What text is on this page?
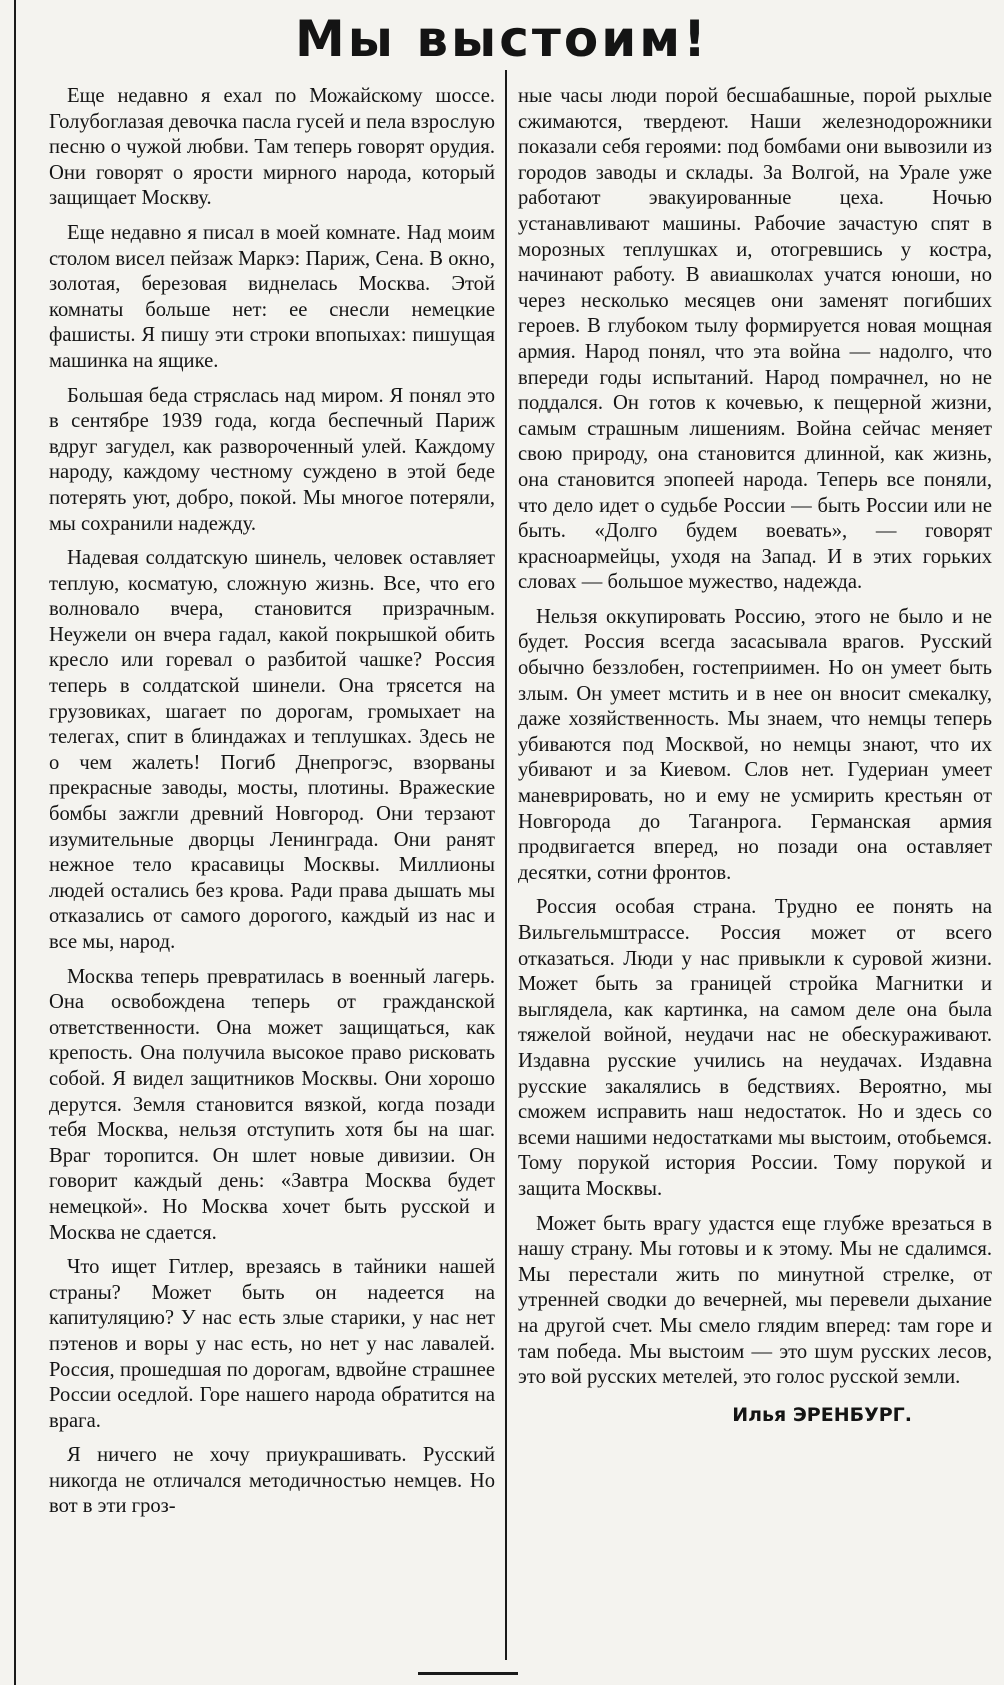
Мы выстоим!

Еще недавно я ехал по Можайскому шоссе. Голубоглазая девочка пасла гусей и пела взрослую песню о чужой любви. Там теперь говорят орудия. Они говорят о ярости мирного народа, который защищает Москву.

Еще недавно я писал в моей комнате. Над моим столом висел пейзаж Маркэ: Париж, Сена. В окно, золотая, березовая виднелась Москва. Этой комнаты больше нет: ее снесли немецкие фашисты. Я пишу эти строки впопыхах: пишущая машинка на ящике.

Большая беда стряслась над миром. Я понял это в сентябре 1939 года, когда беспечный Париж вдруг загудел, как развороченный улей. Каждому народу, каждому честному суждено в этой беде потерять уют, добро, покой. Мы многое потеряли, мы сохранили надежду.

Надевая солдатскую шинель, человек оставляет теплую, косматую, сложную жизнь. Все, что его волновало вчера, становится призрачным. Неужели он вчера гадал, какой покрышкой обить кресло или горевал о разбитой чашке? Россия теперь в солдатской шинели. Она трясется на грузовиках, шагает по дорогам, громыхает на телегах, спит в блиндажах и теплушках. Здесь не о чем жалеть! Погиб Днепрогэс, взорваны прекрасные заводы, мосты, плотины. Вражеские бомбы зажгли древний Новгород. Они терзают изумительные дворцы Ленинграда. Они ранят нежное тело красавицы Москвы. Миллионы людей остались без крова. Ради права дышать мы отказались от самого дорогого, каждый из нас и все мы, народ.

Москва теперь превратилась в военный лагерь. Она освобождена теперь от гражданской ответственности. Она может защищаться, как крепость. Она получила высокое право рисковать собой. Я видел защитников Москвы. Они хорошо дерутся. Земля становится вязкой, когда позади тебя Москва, нельзя отступить хотя бы на шаг. Враг торопится. Он шлет новые дивизии. Он говорит каждый день: «Завтра Москва будет немецкой». Но Москва хочет быть русской и Москва не сдается.

Что ищет Гитлер, врезаясь в тайники нашей страны? Может быть он надеется на капитуляцию? У нас есть злые старики, у нас нет пэтенов и воры у нас есть, но нет у нас лавалей. Россия, прошедшая по дорогам, вдвойне страшнее России оседлой. Горе нашего народа обратится на врага.

Я ничего не хочу приукрашивать. Русский никогда не отличался методичностью немцев. Но вот в эти гроз-

ные часы люди порой бесшабашные, порой рыхлые сжимаются, твердеют. Наши железнодорожники показали себя героями: под бомбами они вывозили из городов заводы и склады. За Волгой, на Урале уже работают эвакуированные цеха. Ночью устанавливают машины. Рабочие зачастую спят в морозных теплушках и, отогревшись у костра, начинают работу. В авиашколах учатся юноши, но через несколько месяцев они заменят погибших героев. В глубоком тылу формируется новая мощная армия. Народ понял, что эта война — надолго, что впереди годы испытаний. Народ помрачнел, но не поддался. Он готов к кочевью, к пещерной жизни, самым страшным лишениям. Война сейчас меняет свою природу, она становится длинной, как жизнь, она становится эпопеей народа. Теперь все поняли, что дело идет о судьбе России — быть России или не быть. «Долго будем воевать», — говорят красноармейцы, уходя на Запад. И в этих горьких словах — большое мужество, надежда.

Нельзя оккупировать Россию, этого не было и не будет. Россия всегда засасывала врагов. Русский обычно беззлобен, гостеприимен. Но он умеет быть злым. Он умеет мстить и в нее он вносит смекалку, даже хозяйственность. Мы знаем, что немцы теперь убиваются под Москвой, но немцы знают, что их убивают и за Киевом. Слов нет. Гудериан умеет маневрировать, но и ему не усмирить крестьян от Новгорода до Таганрога. Германская армия продвигается вперед, но позади она оставляет десятки, сотни фронтов.

Россия особая страна. Трудно ее понять на Вильгельмштрассе. Россия может от всего отказаться. Люди у нас привыкли к суровой жизни. Может быть за границей стройка Магнитки и выглядела, как картинка, на самом деле она была тяжелой войной, неудачи нас не обескураживают. Издавна русские учились на неудачах. Издавна русские закалялись в бедствиях. Вероятно, мы сможем исправить наш недостаток. Но и здесь со всеми нашими недостатками мы выстоим, отобьемся. Тому порукой история России. Тому порукой и защита Москвы.

Может быть врагу удастся еще глубже врезаться в нашу страну. Мы готовы и к этому. Мы не сдалимся. Мы перестали жить по минутной стрелке, от утренней сводки до вечерней, мы перевели дыхание на другой счет. Мы смело глядим вперед: там горе и там победа. Мы выстоим — это шум русских лесов, это вой русских метелей, это голос русской земли.

Илья ЭРЕНБУРГ.
